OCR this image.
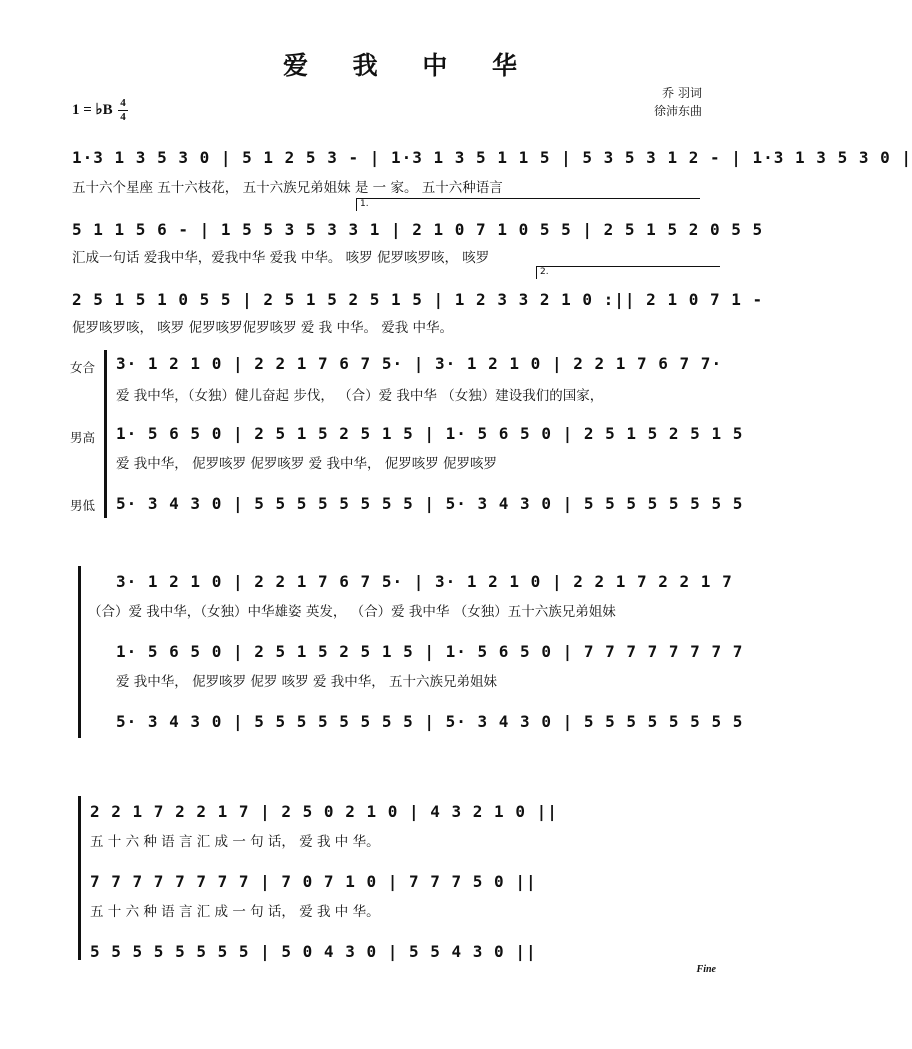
爱 我 中 华
乔 羽词
徐沛东曲
1 = ♭B 4
4
1·3 1 3 5 3 0 | 5 1 2 5 3 - | 1·3 1 3 5 1 1 5 | 5 3 5 3 1 2 - | 1·3 1 3 5 3 0 |
五十六个星座 五十六枝花， 五十六族兄弟姐妹 是 一 家。 五十六种语言
1.
5 1 1 5 6 - | 1 5 5 3 5 3 3 1 | 2 1 0 7 1 0 5 5 | 2 5 1 5 2 0 5 5
汇成一句话 爱我中华，爱我中华 爱我 中华。 咳罗 伲罗咳罗咳， 咳罗
2.
2 5 1 5 1 0 5 5 | 2 5 1 5 2 5 1 5 | 1 2 3 3 2 1 0 :|| 2 1 0 7 1 -
伲罗咳罗咳， 咳罗 伲罗咳罗伲罗咳罗 爱 我 中华。 爱我 中华。
女合
男高
男低
3· 1 2 1 0 | 2 2 1 7 6 7 5· | 3· 1 2 1 0 | 2 2 1 7 6 7 7·
爱 我中华，（女独）健儿奋起 步伐， （合）爱 我中华 （女独）建设我们的国家，
1· 5 6 5 0 | 2 5 1 5 2 5 1 5 | 1· 5 6 5 0 | 2 5 1 5 2 5 1 5
爱 我中华， 伲罗咳罗 伲罗咳罗 爱 我中华， 伲罗咳罗 伲罗咳罗
5· 3 4 3 0 | 5 5 5 5 5 5 5 5 | 5· 3 4 3 0 | 5 5 5 5 5 5 5 5
3· 1 2 1 0 | 2 2 1 7 6 7 5· | 3· 1 2 1 0 | 2 2 1 7 2 2 1 7
（合）爱 我中华，（女独）中华雄姿 英发， （合）爱 我中华 （女独）五十六族兄弟姐妹
1· 5 6 5 0 | 2 5 1 5 2 5 1 5 | 1· 5 6 5 0 | 7 7 7 7 7 7 7 7
爱 我中华， 伲罗咳罗 伲罗 咳罗 爱 我中华， 五十六族兄弟姐妹
5· 3 4 3 0 | 5 5 5 5 5 5 5 5 | 5· 3 4 3 0 | 5 5 5 5 5 5 5 5
2 2 1 7 2 2 1 7 | 2 5 0 2 1 0 | 4 3 2 1 0 ||
五 十 六 种 语 言 汇 成 一 句 话， 爱 我 中 华。
7 7 7 7 7 7 7 7 | 7 0 7 1 0 | 7 7 7 5 0 ||
五 十 六 种 语 言 汇 成 一 句 话， 爱 我 中 华。
5 5 5 5 5 5 5 5 | 5 0 4 3 0 | 5 5 4 3 0 ||
Fine
